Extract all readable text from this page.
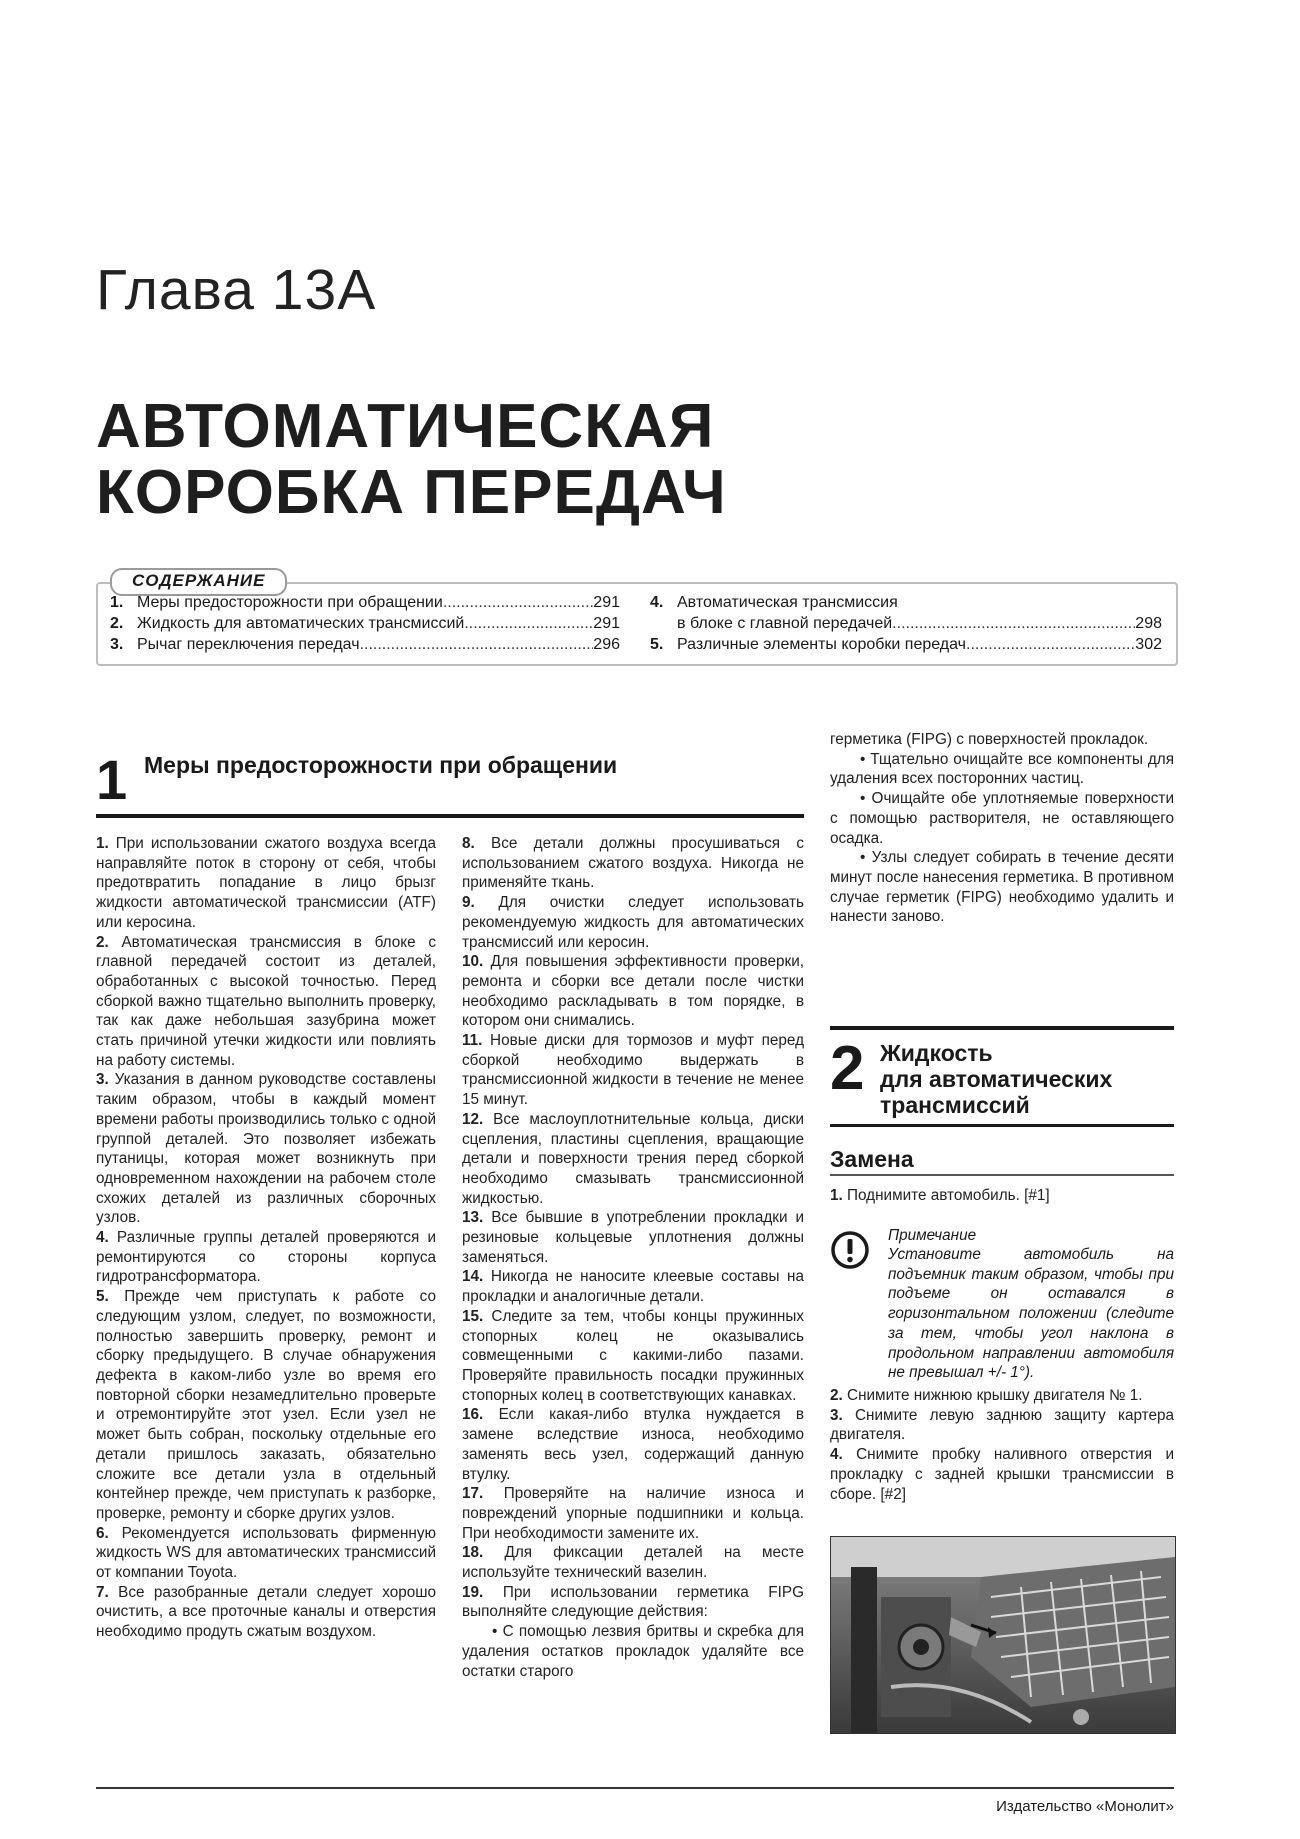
Глава 13А
АВТОМАТИЧЕСКАЯ
КОРОБКА ПЕРЕДАЧ
СОДЕРЖАНИЕ
1. Меры предосторожности при обращении .....	291
2. Жидкость для автоматических трансмиссий .....	291
3. Рычаг переключения передач .....	296
4. Автоматическая трансмиссия
в блоке с главной передачей .....	298
5. Различные элементы коробки передач .....	302
1 Меры предосторожности при обращении

1. При использовании сжатого воздуха всегда направляйте поток в сторону от себя, чтобы предотвратить попадание в лицо брызг жидкости автоматической трансмиссии (ATF) или керосина.

2. Автоматическая трансмиссия в блоке с главной передачей состоит из деталей, обработанных с высокой точностью. Перед сборкой важно тщательно выполнить проверку, так как даже небольшая зазубрина может стать причиной утечки жидкости или повлиять на работу системы.

3. Указания в данном руководстве составлены таким образом, чтобы в каждый момент времени работы производились только с одной группой деталей. Это позволяет избежать путаницы, которая может возникнуть при одновременном нахождении на рабочем столе схожих деталей из различных сборочных узлов.

4. Различные группы деталей проверяются и ремонтируются со стороны корпуса гидротрансформатора.

5. Прежде чем приступать к работе со следующим узлом, следует, по возможности, полностью завершить проверку, ремонт и сборку предыдущего. В случае обнаружения дефекта в каком-либо узле во время его повторной сборки незамедлительно проверьте и отремонтируйте этот узел. Если узел не может быть собран, поскольку отдельные его детали пришлось заказать, обязательно сложите все детали узла в отдельный контейнер прежде, чем приступать к разборке, проверке, ремонту и сборке других узлов.

6. Рекомендуется использовать фирменную жидкость WS для автоматических трансмиссий от компании Toyota.

7. Все разобранные детали следует хорошо очистить, а все проточные каналы и отверстия необходимо продуть сжатым воздухом.

8. Все детали должны просушиваться с использованием сжатого воздуха. Никогда не применяйте ткань.

9. Для очистки следует использовать рекомендуемую жидкость для автоматических трансмиссий или керосин.

10. Для повышения эффективности проверки, ремонта и сборки все детали после чистки необходимо раскладывать в том порядке, в котором они снимались.

11. Новые диски для тормозов и муфт перед сборкой необходимо выдержать в трансмиссионной жидкости в течение не менее 15 минут.

12. Все маслоуплотнительные кольца, диски сцепления, пластины сцепления, вращающие детали и поверхности трения перед сборкой необходимо смазывать трансмиссионной жидкостью.

13. Все бывшие в употреблении прокладки и резиновые кольцевые уплотнения должны заменяться.

14. Никогда не наносите клеевые составы на прокладки и аналогичные детали.

15. Следите за тем, чтобы концы пружинных стопорных колец не оказывались совмещенными с какими-либо пазами. Проверяйте правильность посадки пружинных стопорных колец в соответствующих канавках.

16. Если какая-либо втулка нуждается в замене вследствие износа, необходимо заменять весь узел, содержащий данную втулку.

17. Проверяйте на наличие износа и повреждений упорные подшипники и кольца. При необходимости замените их.

18. Для фиксации деталей на месте используйте технический вазелин.

19. При использовании герметика FIPG выполняйте следующие действия:

• С помощью лезвия бритвы и скребка для удаления остатков прокладок удаляйте все остатки старого

герметика (FIPG) с поверхностей прокладок.

• Тщательно очищайте все компоненты для удаления всех посторонних частиц.

• Очищайте обе уплотняемые поверхности с помощью растворителя, не оставляющего осадка.

• Узлы следует собирать в течение десяти минут после нанесения герметика. В противном случае герметик (FIPG) необходимо удалить и нанести заново.

2 Жидкость
для автоматических
трансмиссий
Замена

1. Поднимите автомобиль. [#1]

Примечание
Установите автомобиль на подъемник таким образом, чтобы при подъеме он оставался в горизонтальном положении (следите за тем, чтобы угол наклона в продольном направлении автомобиля не превышал +/- 1°).

2. Снимите нижнюю крышку двигателя № 1.

3. Снимите левую заднюю защиту картера двигателя.

4. Снимите пробку наливного отверстия и прокладку с задней крышки трансмиссии в сборе. [#2]

Издательство «Монолит»
